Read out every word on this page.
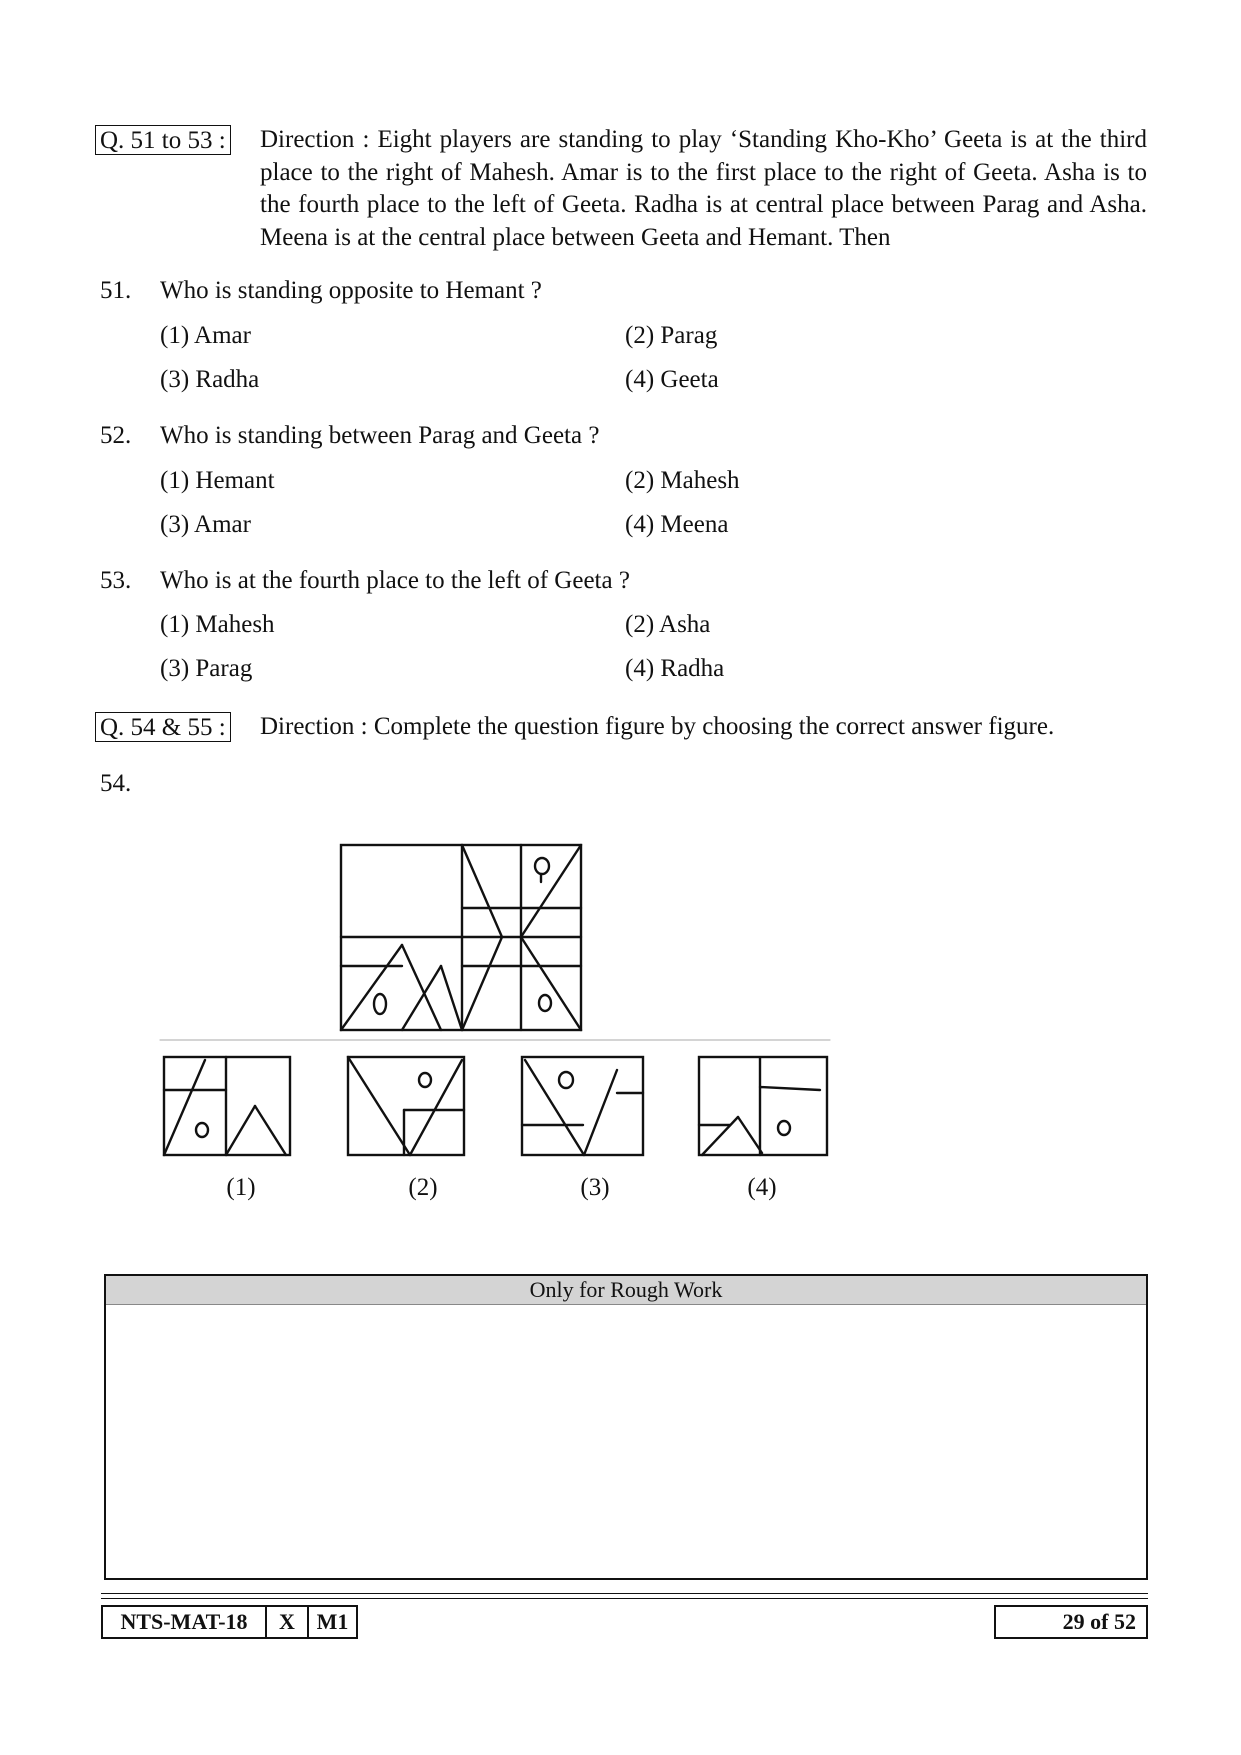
Q. 51 to 53 : Direction : Eight players are standing to play ‘Standing Kho-Kho’ Geeta is at the third place to the right of Mahesh. Amar is to the first place to the right of Geeta. Asha is to the fourth place to the left of Geeta. Radha is at central place between Parag and Asha. Meena is at the central place between Geeta and Hemant. Then
51. Who is standing opposite to Hemant ?
(1) Amar	(2) Parag
(3) Radha	(4) Geeta
52. Who is standing between Parag and Geeta ?
(1) Hemant	(2) Mahesh
(3) Amar	(4) Meena
53. Who is at the fourth place to the left of Geeta ?
(1) Mahesh	(2) Asha
(3) Parag	(4) Radha
Q. 54 & 55 : Direction : Complete the question figure by choosing the correct answer figure.
54.
(1)	(2)	(3)	(4)
Only for Rough Work
NTS-MAT-18	X M1	29 of 52
